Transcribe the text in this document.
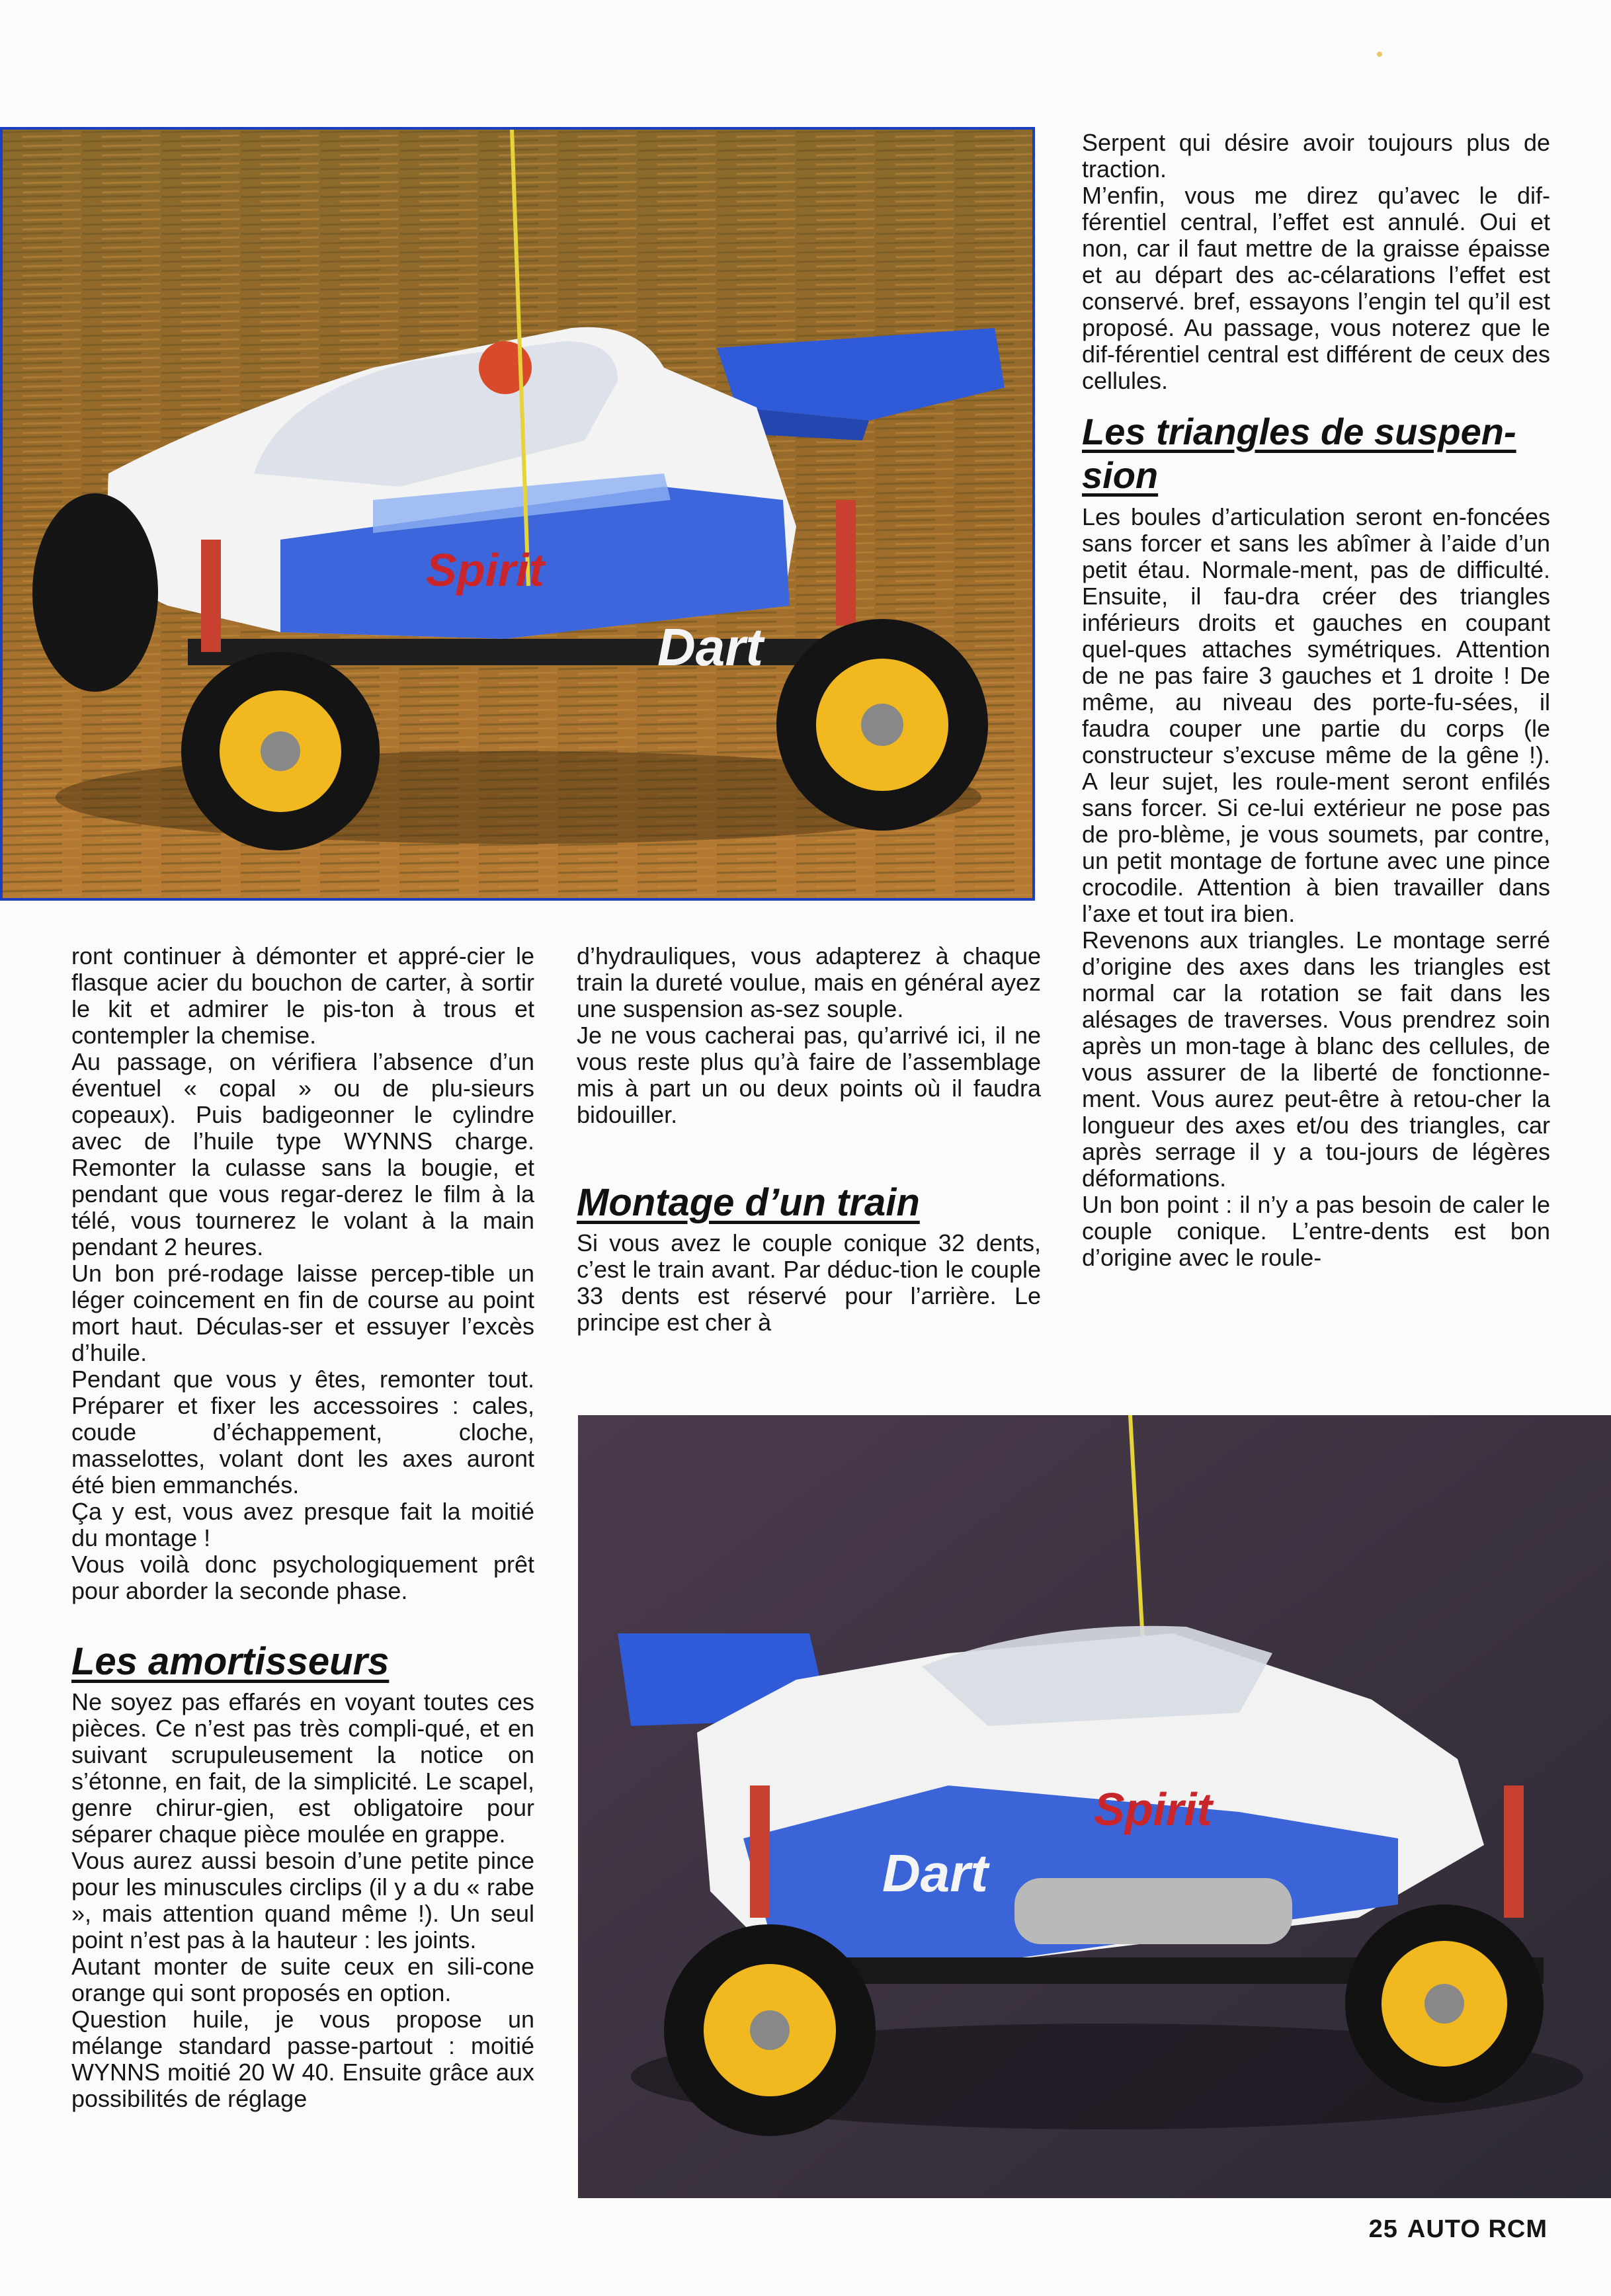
Spirit
Dart

Serpent qui désire avoir toujours plus de traction.

M’enfin, vous me direz qu’avec le dif-férentiel central, l’effet est annulé. Oui et non, car il faut mettre de la graisse épaisse et au départ des ac-célarations l’effet est conservé. bref, essayons l’engin tel qu’il est proposé. Au passage, vous noterez que le dif-férentiel central est différent de ceux des cellules.

Les triangles de suspen-sion

Les boules d’articulation seront en-foncées sans forcer et sans les abîmer à l’aide d’un petit étau. Normale-ment, pas de difficulté. Ensuite, il fau-dra créer des triangles inférieurs droits et gauches en coupant quel-ques attaches symétriques. Attention de ne pas faire 3 gauches et 1 droite ! De même, au niveau des porte-fu-sées, il faudra couper une partie du corps (le constructeur s’excuse même de la gêne !). A leur sujet, les roule-ment seront enfilés sans forcer. Si ce-lui extérieur ne pose pas de pro-blème, je vous soumets, par contre, un petit montage de fortune avec une pince crocodile. Attention à bien travailler dans l’axe et tout ira bien.

Revenons aux triangles. Le montage serré d’origine des axes dans les triangles est normal car la rotation se fait dans les alésages de traverses. Vous prendrez soin après un mon-tage à blanc des cellules, de vous assurer de la liberté de fonctionne-ment. Vous aurez peut-être à retou-cher la longueur des axes et/ou des triangles, car après serrage il y a tou-jours de légères déformations.

Un bon point : il n’y a pas besoin de caler le couple conique. L’entre-dents est bon d’origine avec le roule-

ront continuer à démonter et appré-cier le flasque acier du bouchon de carter, à sortir le kit et admirer le pis-ton à trous et contempler la chemise.

Au passage, on vérifiera l’absence d’un éventuel « copal » ou de plu-sieurs copeaux). Puis badigeonner le cylindre avec de l’huile type WYNNS charge. Remonter la culasse sans la bougie, et pendant que vous regar-derez le film à la télé, vous tournerez le volant à la main pendant 2 heures.

Un bon pré-rodage laisse percep-tible un léger coincement en fin de course au point mort haut. Déculas-ser et essuyer l’excès d’huile.

Pendant que vous y êtes, remonter tout. Préparer et fixer les accessoires : cales, coude d’échappement, cloche, masselottes, volant dont les axes auront été bien emmanchés.

Ça y est, vous avez presque fait la moitié du montage !

Vous voilà donc psychologiquement prêt pour aborder la seconde phase.

Les amortisseurs

Ne soyez pas effarés en voyant toutes ces pièces. Ce n’est pas très compli-qué, et en suivant scrupuleusement la notice on s’étonne, en fait, de la simplicité. Le scapel, genre chirur-gien, est obligatoire pour séparer chaque pièce moulée en grappe.

Vous aurez aussi besoin d’une petite pince pour les minuscules circlips (il y a du « rabe », mais attention quand même !). Un seul point n’est pas à la hauteur : les joints.

Autant monter de suite ceux en sili-cone orange qui sont proposés en option.

Question huile, je vous propose un mélange standard passe-partout : moitié WYNNS moitié 20 W 40. Ensuite grâce aux possibilités de réglage

d’hydrauliques, vous adapterez à chaque train la dureté voulue, mais en général ayez une suspension as-sez souple.

Je ne vous cacherai pas, qu’arrivé ici, il ne vous reste plus qu’à faire de l’assemblage mis à part un ou deux points où il faudra bidouiller.

Montage d’un train

Si vous avez le couple conique 32 dents, c’est le train avant. Par déduc-tion le couple 33 dents est réservé pour l’arrière. Le principe est cher à

Spirit
Dart
25 AUTO RCM
